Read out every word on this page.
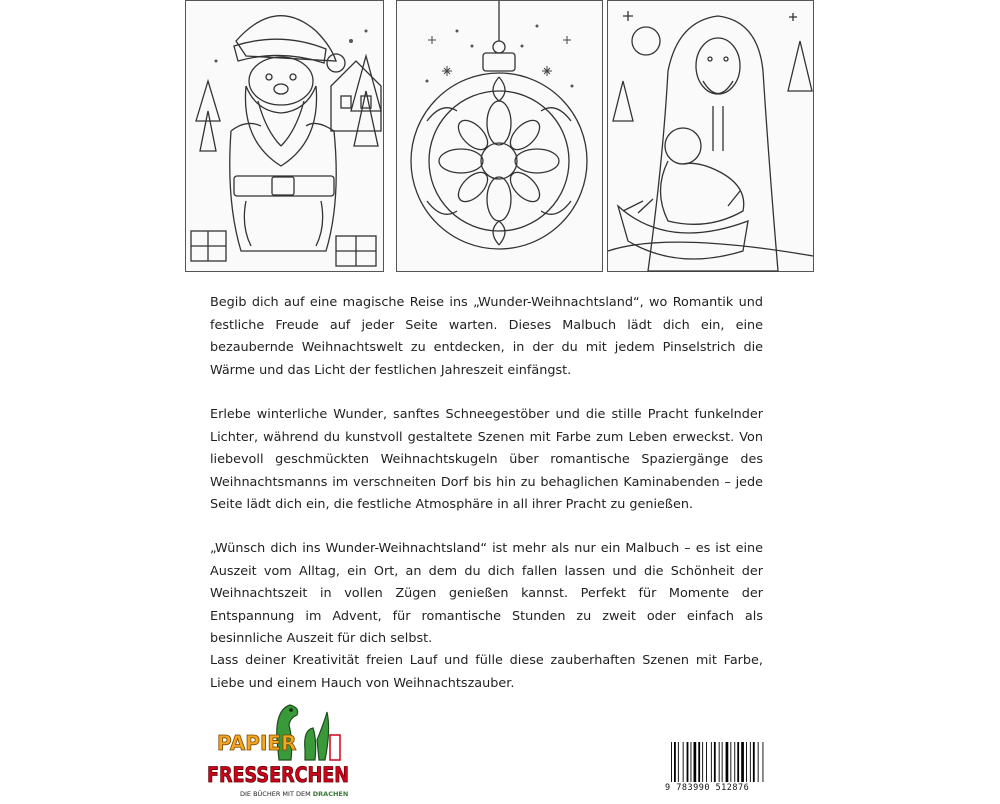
Begib dich auf eine magische Reise ins „Wunder-Weihnachtsland“, wo Romantik und festliche Freude auf jeder Seite warten. Dieses Malbuch lädt dich ein, eine bezaubernde Weihnachtswelt zu entdecken, in der du mit jedem Pinselstrich die Wärme und das Licht der festlichen Jahreszeit einfängst.

Erlebe winterliche Wunder, sanftes Schneegestöber und die stille Pracht funkelnder Lichter, während du kunstvoll gestaltete Szenen mit Farbe zum Leben erweckst. Von liebevoll geschmückten Weihnachtskugeln über romantische Spaziergänge des Weihnachtsmanns im verschneiten Dorf bis hin zu behaglichen Kaminabenden – jede Seite lädt dich ein, die festliche Atmosphäre in all ihrer Pracht zu genießen.

„Wünsch dich ins Wunder-Weihnachtsland“ ist mehr als nur ein Malbuch – es ist eine Auszeit vom Alltag, ein Ort, an dem du dich fallen lassen und die Schönheit der Weihnachtszeit in vollen Zügen genießen kannst. Perfekt für Momente der Entspannung im Advent, für romantische Stunden zu zweit oder einfach als besinnliche Auszeit für dich selbst.

Lass deiner Kreativität freien Lauf und fülle diese zauberhaften Szenen mit Farbe, Liebe und einem Hauch von Weihnachtszauber.

PAPIER
FRESSERCHEN
DIE BÜCHER MIT DEM DRACHEN
9 783990 512876
